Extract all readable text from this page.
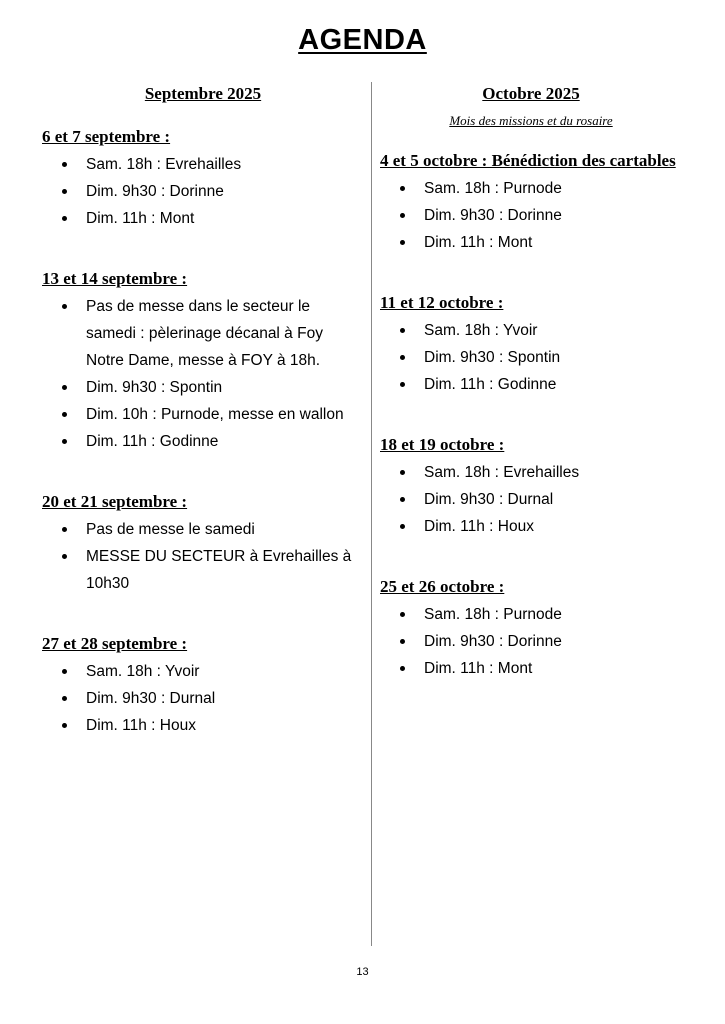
AGENDA
Septembre 2025
6 et 7 septembre :
Sam. 18h : Evrehailles
Dim. 9h30 : Dorinne
Dim. 11h : Mont
13 et 14 septembre :
Pas de messe dans le secteur le samedi : pèlerinage décanal à Foy Notre Dame, messe à FOY à 18h.
Dim. 9h30 : Spontin
Dim. 10h : Purnode, messe en wallon
Dim. 11h : Godinne
20 et 21 septembre :
Pas de messe le samedi
MESSE DU SECTEUR à Evrehailles à 10h30
27 et 28 septembre :
Sam. 18h : Yvoir
Dim. 9h30 : Durnal
Dim. 11h : Houx
Octobre 2025
Mois des missions et du rosaire
4 et 5 octobre : Bénédiction des cartables
Sam. 18h : Purnode
Dim. 9h30 : Dorinne
Dim. 11h : Mont
11 et 12 octobre :
Sam. 18h : Yvoir
Dim. 9h30 : Spontin
Dim. 11h : Godinne
18 et 19 octobre :
Sam. 18h : Evrehailles
Dim. 9h30 : Durnal
Dim. 11h : Houx
25 et 26 octobre :
Sam. 18h : Purnode
Dim. 9h30 : Dorinne
Dim. 11h : Mont
13
